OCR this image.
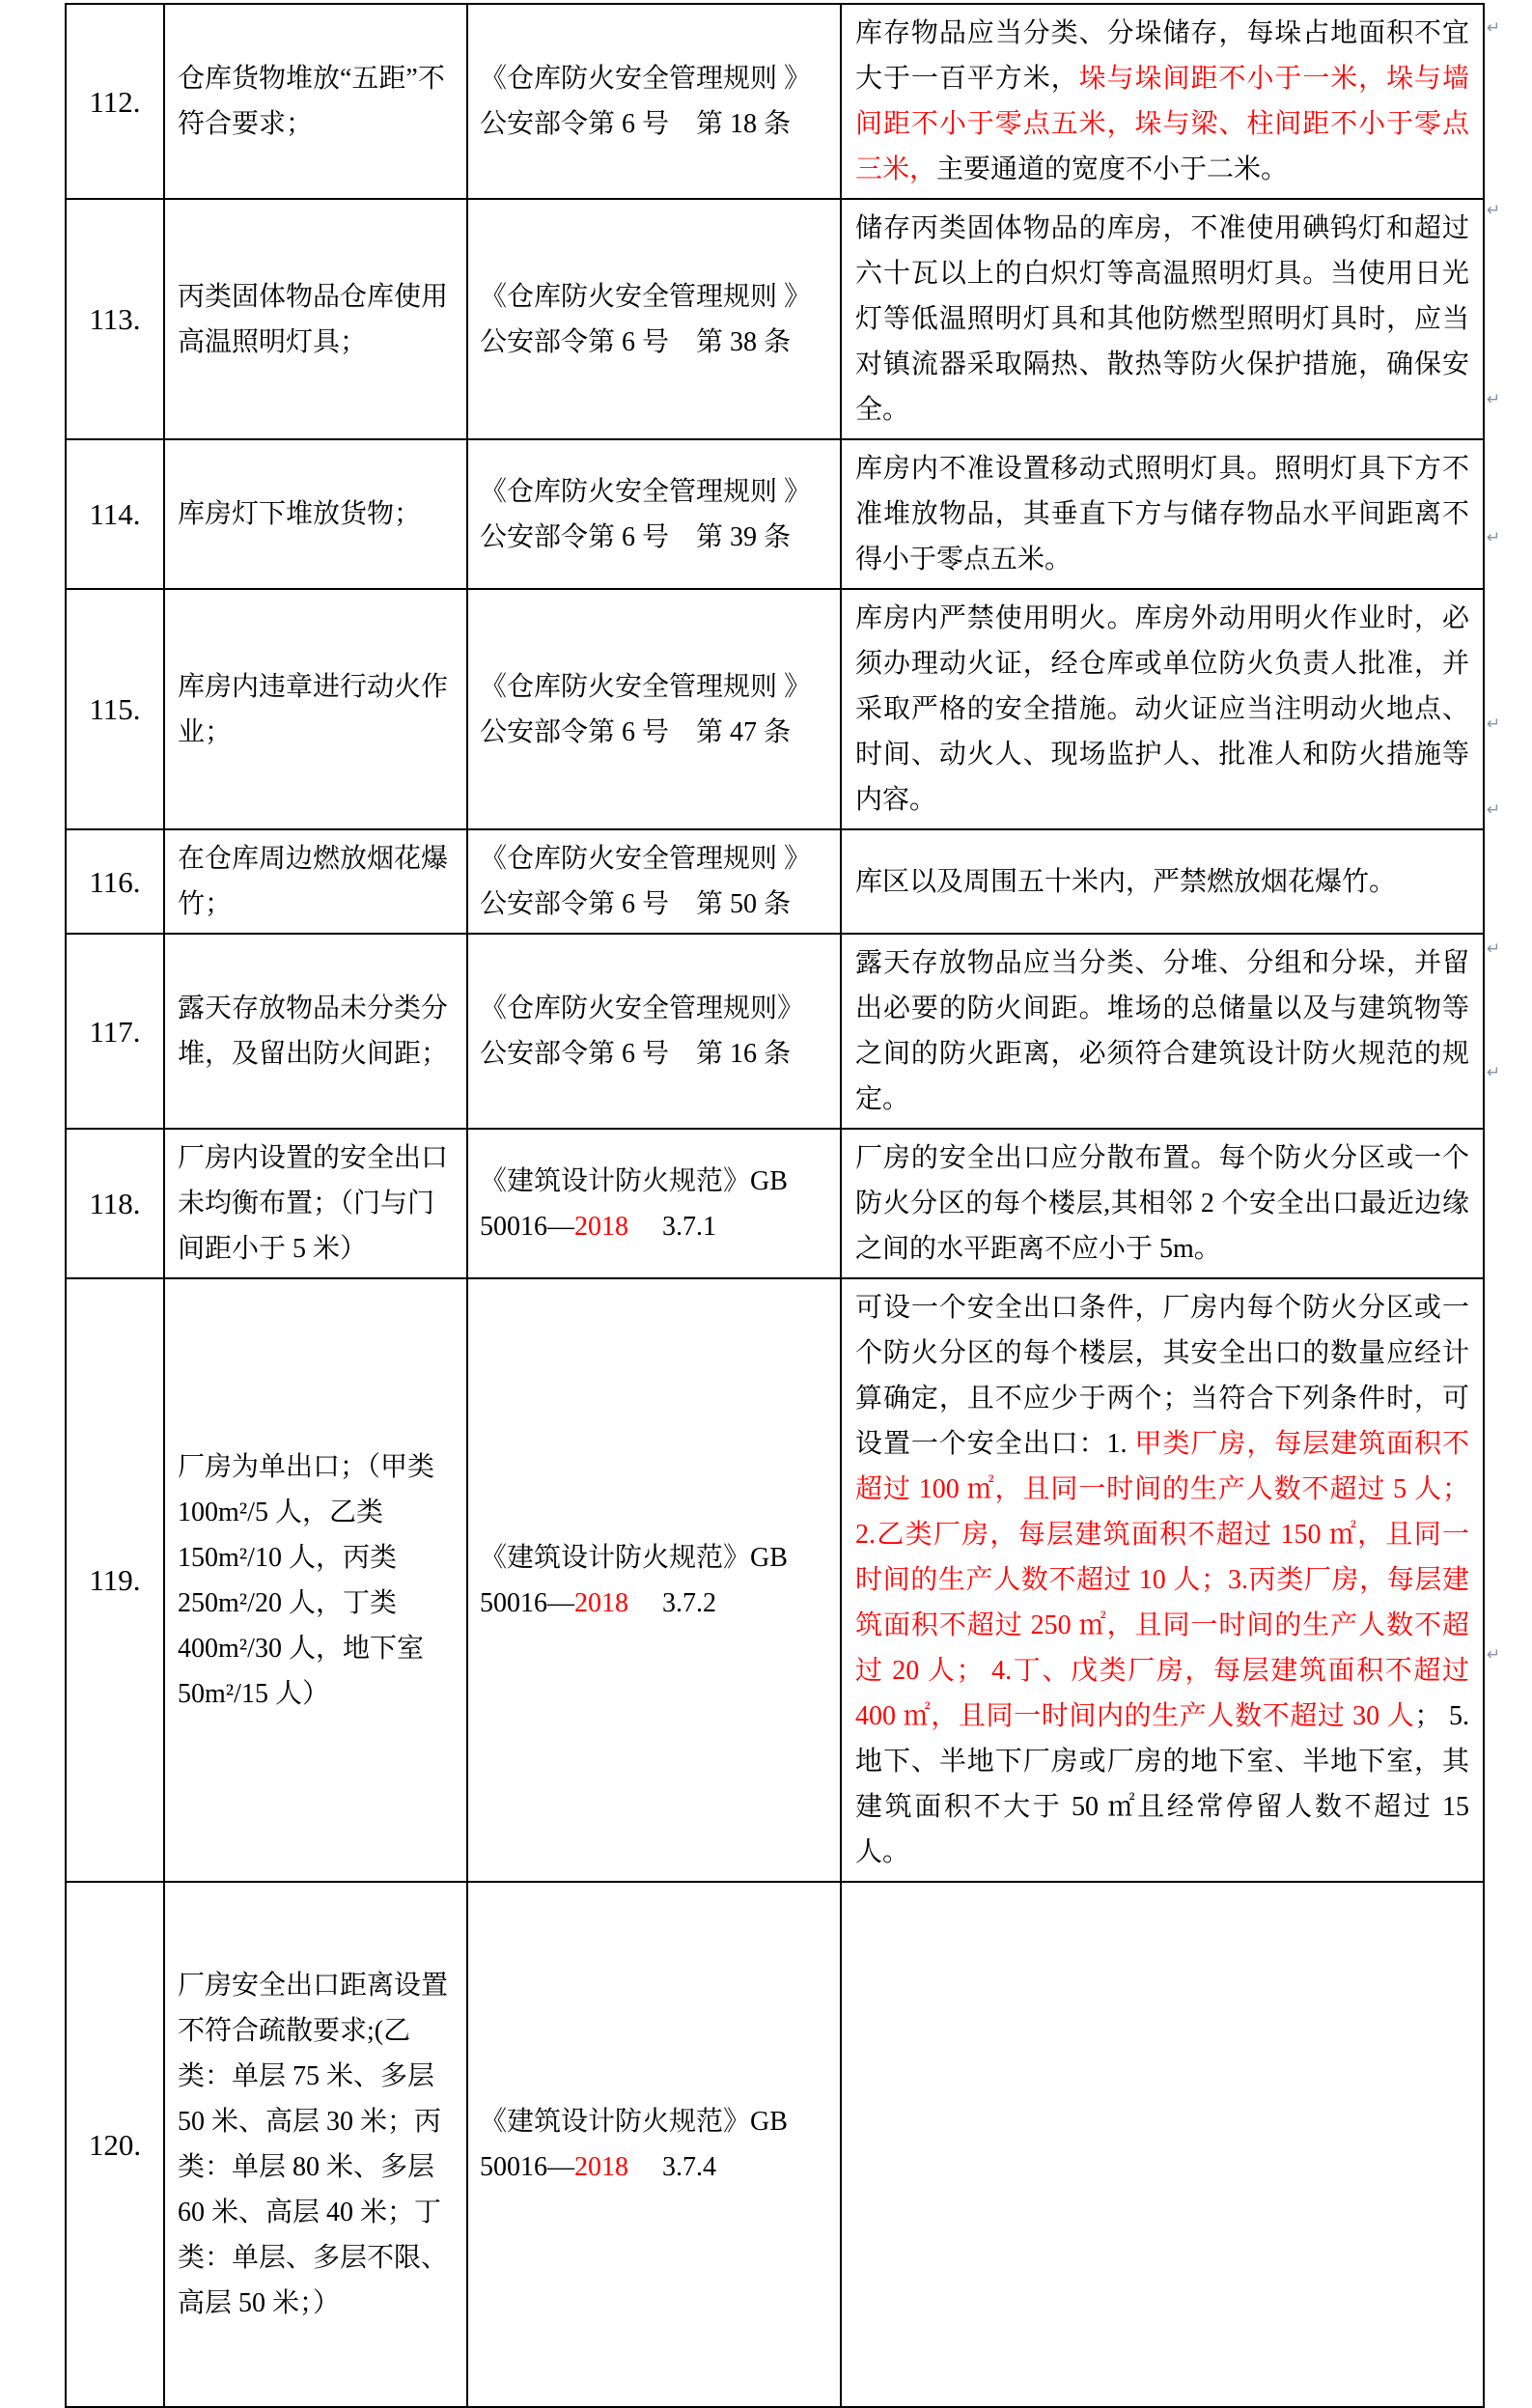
112.	仓库货物堆放“五距”不符合要求；	《仓库防火安全管理规则 》
公安部令第 6 号　第 18 条	库存物品应当分类、分垛储存，每垛占地面积不宜大于一百平方米，垛与垛间距不小于一米，垛与墙间距不小于零点五米，垛与梁、柱间距不小于零点三米，主要通道的宽度不小于二米。

113.	丙类固体物品仓库使用高温照明灯具；	《仓库防火安全管理规则 》
公安部令第 6 号　第 38 条	储存丙类固体物品的库房，不准使用碘钨灯和超过六十瓦以上的白炽灯等高温照明灯具。当使用日光灯等低温照明灯具和其他防燃型照明灯具时，应当对镇流器采取隔热、散热等防火保护措施，确保安全。

114.	库房灯下堆放货物；	《仓库防火安全管理规则 》
公安部令第 6 号　第 39 条	库房内不准设置移动式照明灯具。照明灯具下方不准堆放物品，其垂直下方与储存物品水平间距离不得小于零点五米。

115.	库房内违章进行动火作业；	《仓库防火安全管理规则 》
公安部令第 6 号　第 47 条	库房内严禁使用明火。库房外动用明火作业时，必须办理动火证，经仓库或单位防火负责人批准，并采取严格的安全措施。动火证应当注明动火地点、时间、动火人、现场监护人、批准人和防火措施等内容。

116.	在仓库周边燃放烟花爆竹；	《仓库防火安全管理规则 》
公安部令第 6 号　第 50 条	库区以及周围五十米内，严禁燃放烟花爆竹。

117.	露天存放物品未分类分堆，及留出防火间距；	《仓库防火安全管理规则》
公安部令第 6 号　第 16 条	露天存放物品应当分类、分堆、分组和分垛，并留出必要的防火间距。堆场的总储量以及与建筑物等之间的防火距离，必须符合建筑设计防火规范的规定。

118.	厂房内设置的安全出口未均衡布置；（门与门间距小于 5 米）	《建筑设计防火规范》GB
50016—2018　 3.7.1	厂房的安全出口应分散布置。每个防火分区或一个防火分区的每个楼层,其相邻 2 个安全出口最近边缘之间的水平距离不应小于 5m。

119.	厂房为单出口；（甲类100m²/5 人，乙类150m²/10 人，丙类250m²/20 人，丁类400m²/30 人，地下室50m²/15 人）	《建筑设计防火规范》GB
50016—2018　 3.7.2	可设一个安全出口条件，厂房内每个防火分区或一个防火分区的每个楼层，其安全出口的数量应经计算确定，且不应少于两个；当符合下列条件时，可设置一个安全出口：1. 甲类厂房，每层建筑面积不超过 100 ㎡，且同一时间的生产人数不超过 5 人；2.乙类厂房，每层建筑面积不超过 150 ㎡，且同一时间的生产人数不超过 10 人；3.丙类厂房，每层建筑面积不超过 250 ㎡，且同一时间的生产人数不超过 20 人； 4.丁、戊类厂房，每层建筑面积不超过 400 ㎡，且同一时间内的生产人数不超过 30 人； 5.地下、半地下厂房或厂房的地下室、半地下室，其建筑面积不大于 50 ㎡且经常停留人数不超过 15 人。

120.	厂房安全出口距离设置不符合疏散要求;(乙类：单层 75 米、多层 50 米、高层 30 米；丙类：单层 80 米、多层 60 米、高层 40 米；丁类：单层、多层不限、高层 50 米；）	《建筑设计防火规范》GB
50016—2018　 3.7.4	

↵
↵
↵
↵
↵
↵
↵
↵
↵
